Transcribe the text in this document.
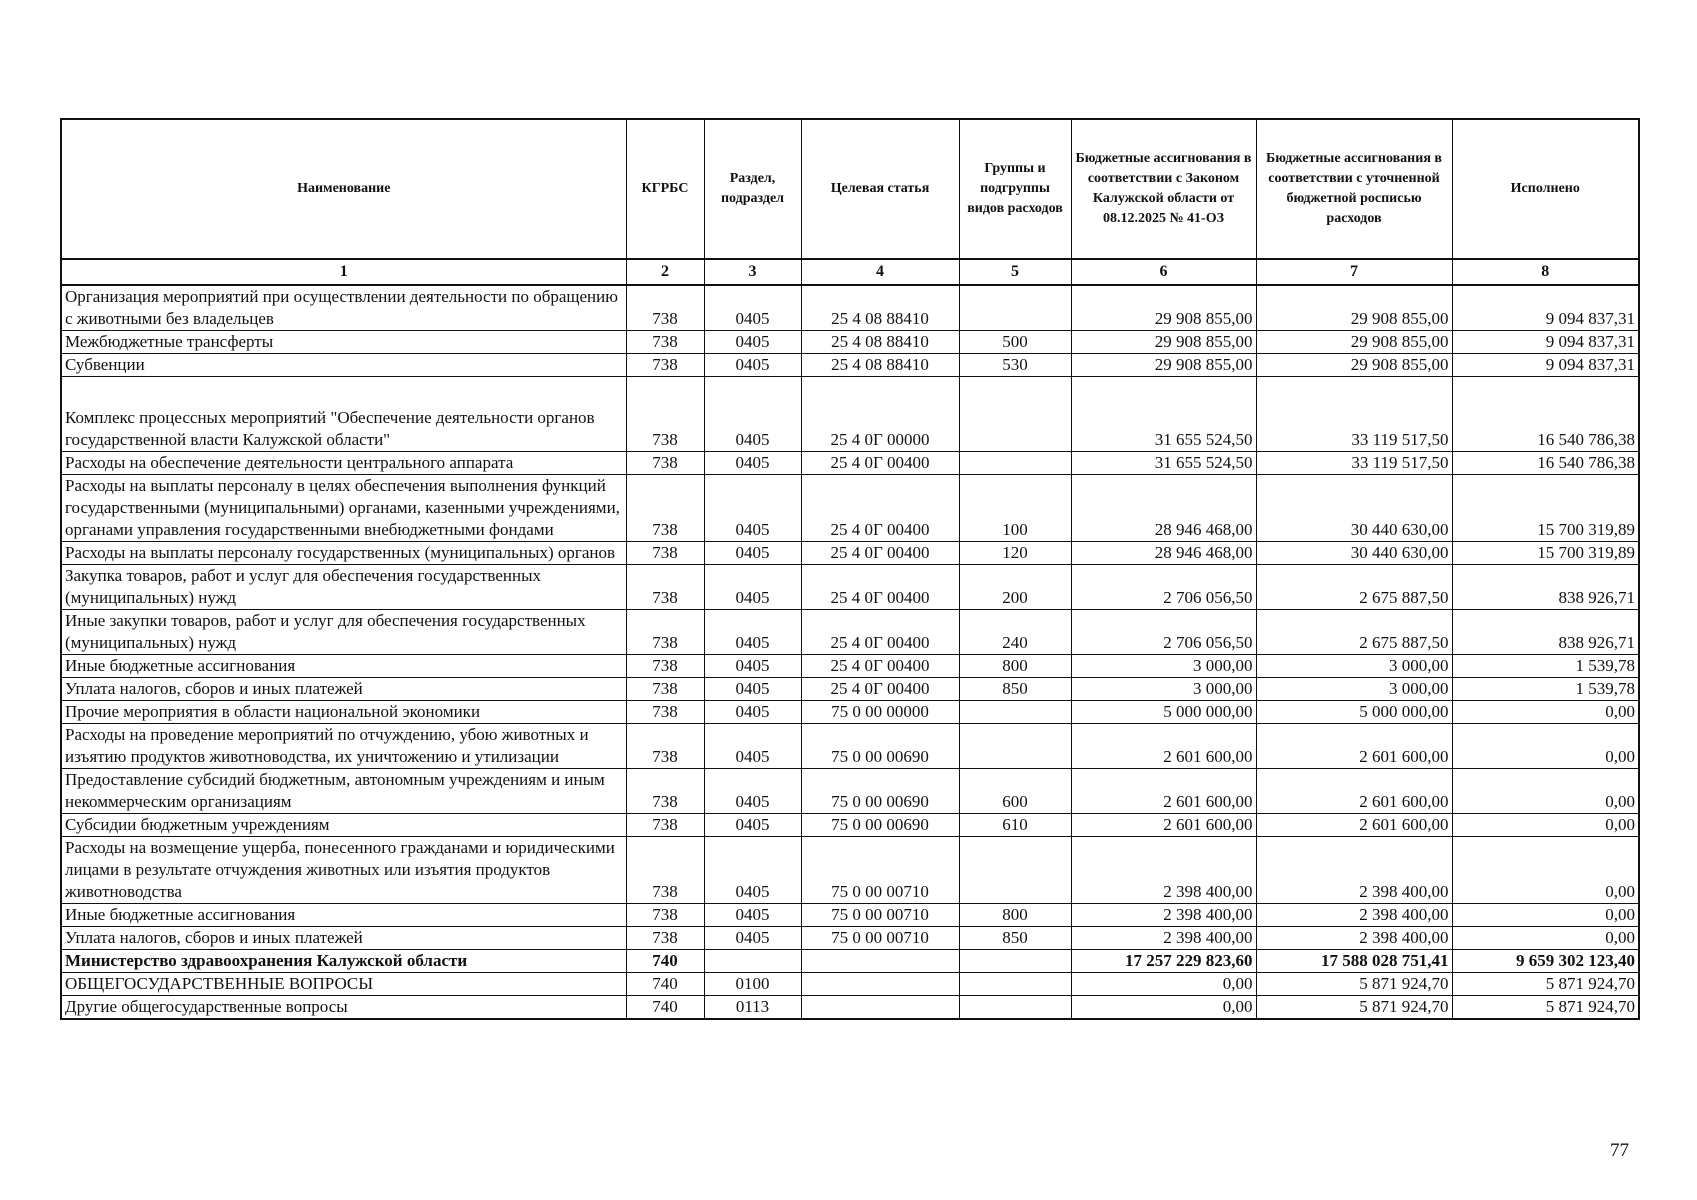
Наименование	КГРБС	Раздел, подраздел	Целевая статья	Группы и подгруппы видов расходов	Бюджетные ассигнования в соответствии с Законом Калужской области от 08.12.2025 № 41-ОЗ	Бюджетные ассигнования в соответствии с уточненной бюджетной росписью расходов	Исполнено
1	2	3	4	5	6	7	8
Организация мероприятий при осуществлении деятельности по обращению с животными без владельцев	738	0405	25 4 08 88410		29 908 855,00	29 908 855,00	9 094 837,31
Межбюджетные трансферты	738	0405	25 4 08 88410	500	29 908 855,00	29 908 855,00	9 094 837,31
Субвенции	738	0405	25 4 08 88410	530	29 908 855,00	29 908 855,00	9 094 837,31
Комплекс процессных мероприятий "Обеспечение деятельности органов государственной власти Калужской области"	738	0405	25 4 0Г 00000		31 655 524,50	33 119 517,50	16 540 786,38
Расходы на обеспечение деятельности центрального аппарата	738	0405	25 4 0Г 00400		31 655 524,50	33 119 517,50	16 540 786,38
Расходы на выплаты персоналу в целях обеспечения выполнения функций государственными (муниципальными) органами, казенными учреждениями, органами управления государственными внебюджетными фондами	738	0405	25 4 0Г 00400	100	28 946 468,00	30 440 630,00	15 700 319,89
Расходы на выплаты персоналу государственных (муниципальных) органов	738	0405	25 4 0Г 00400	120	28 946 468,00	30 440 630,00	15 700 319,89
Закупка товаров, работ и услуг для обеспечения государственных (муниципальных) нужд	738	0405	25 4 0Г 00400	200	2 706 056,50	2 675 887,50	838 926,71
Иные закупки товаров, работ и услуг для обеспечения государственных (муниципальных) нужд	738	0405	25 4 0Г 00400	240	2 706 056,50	2 675 887,50	838 926,71
Иные бюджетные ассигнования	738	0405	25 4 0Г 00400	800	3 000,00	3 000,00	1 539,78
Уплата налогов, сборов и иных платежей	738	0405	25 4 0Г 00400	850	3 000,00	3 000,00	1 539,78
Прочие мероприятия в области национальной экономики	738	0405	75 0 00 00000		5 000 000,00	5 000 000,00	0,00
Расходы на проведение мероприятий по отчуждению, убою животных и изъятию продуктов животноводства, их уничтожению и утилизации	738	0405	75 0 00 00690		2 601 600,00	2 601 600,00	0,00
Предоставление субсидий бюджетным, автономным учреждениям и иным некоммерческим организациям	738	0405	75 0 00 00690	600	2 601 600,00	2 601 600,00	0,00
Субсидии бюджетным учреждениям	738	0405	75 0 00 00690	610	2 601 600,00	2 601 600,00	0,00
Расходы на возмещение ущерба, понесенного гражданами и юридическими лицами в результате отчуждения животных или изъятия продуктов животноводства	738	0405	75 0 00 00710		2 398 400,00	2 398 400,00	0,00
Иные бюджетные ассигнования	738	0405	75 0 00 00710	800	2 398 400,00	2 398 400,00	0,00
Уплата налогов, сборов и иных платежей	738	0405	75 0 00 00710	850	2 398 400,00	2 398 400,00	0,00
Министерство здравоохранения Калужской области	740				17 257 229 823,60	17 588 028 751,41	9 659 302 123,40
ОБЩЕГОСУДАРСТВЕННЫЕ ВОПРОСЫ	740	0100			0,00	5 871 924,70	5 871 924,70
Другие общегосударственные вопросы	740	0113			0,00	5 871 924,70	5 871 924,70
77
